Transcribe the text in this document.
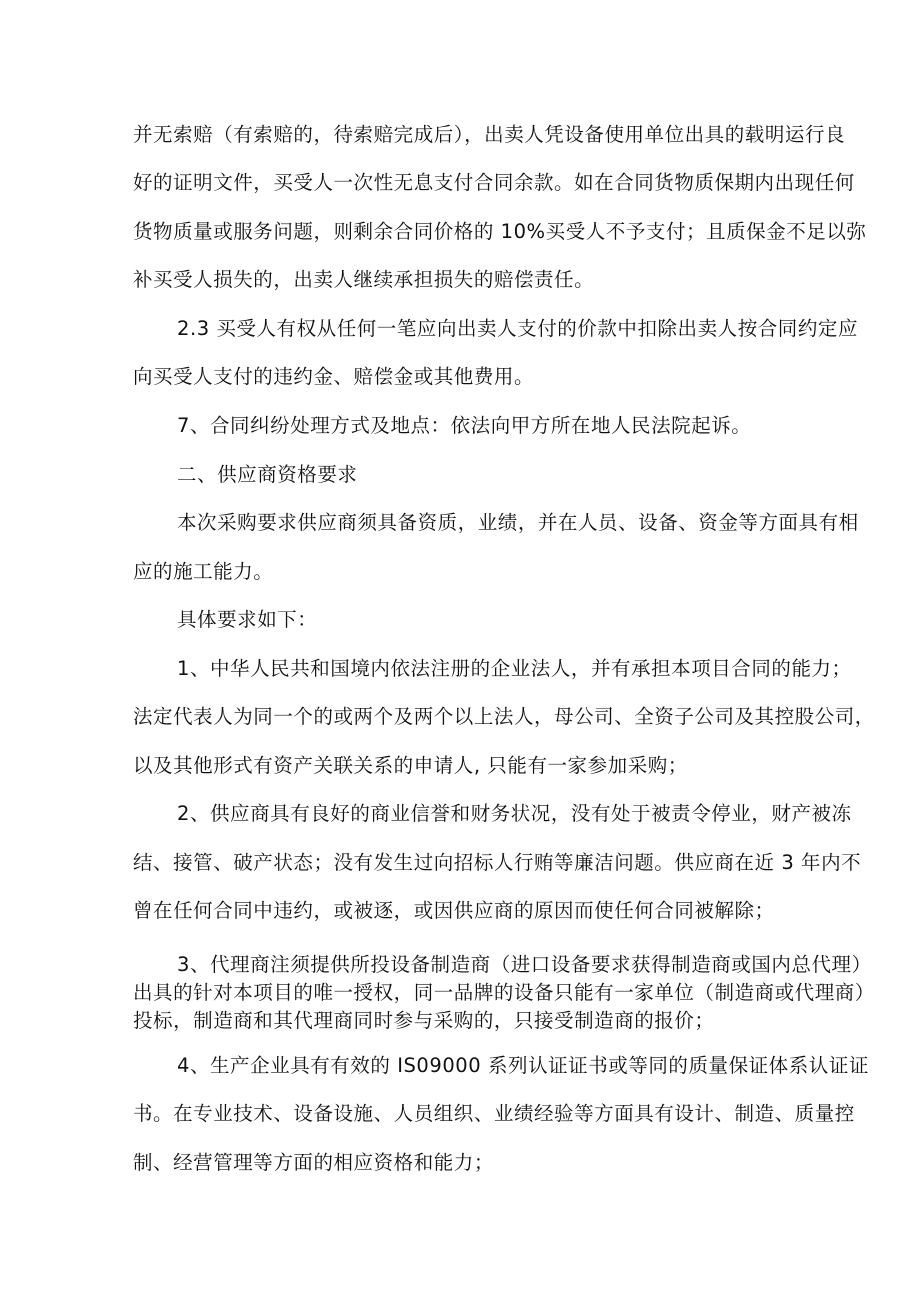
并无索赔（有索赔的，待索赔完成后），出卖人凭设备使用单位出具的载明运行良

好的证明文件，买受人一次性无息支付合同余款。如在合同货物质保期内出现任何

货物质量或服务问题，则剩余合同价格的 10%买受人不予支付；且质保金不足以弥

补买受人损失的，出卖人继续承担损失的赔偿责任。

2.3 买受人有权从任何一笔应向出卖人支付的价款中扣除出卖人按合同约定应

向买受人支付的违约金、赔偿金或其他费用。

7、合同纠纷处理方式及地点：依法向甲方所在地人民法院起诉。

二、供应商资格要求

本次采购要求供应商须具备资质，业绩，并在人员、设备、资金等方面具有相

应的施工能力。

具体要求如下：

1、中华人民共和国境内依法注册的企业法人，并有承担本项目合同的能力；

法定代表人为同一个的或两个及两个以上法人，母公司、全资子公司及其控股公司，

以及其他形式有资产关联关系的申请人, 只能有一家参加采购；

2、供应商具有良好的商业信誉和财务状况，没有处于被责令停业，财产被冻

结、接管、破产状态；没有发生过向招标人行贿等廉洁问题。供应商在近 3 年内不

曾在任何合同中违约，或被逐，或因供应商的原因而使任何合同被解除；

3、代理商注须提供所投设备制造商（进口设备要求获得制造商或国内总代理）

出具的针对本项目的唯一授权，同一品牌的设备只能有一家单位（制造商或代理商）

投标，制造商和其代理商同时参与采购的，只接受制造商的报价；

4、生产企业具有有效的 IS09000 系列认证证书或等同的质量保证体系认证证

书。在专业技术、设备设施、人员组织、业绩经验等方面具有设计、制造、质量控

制、经营管理等方面的相应资格和能力；
